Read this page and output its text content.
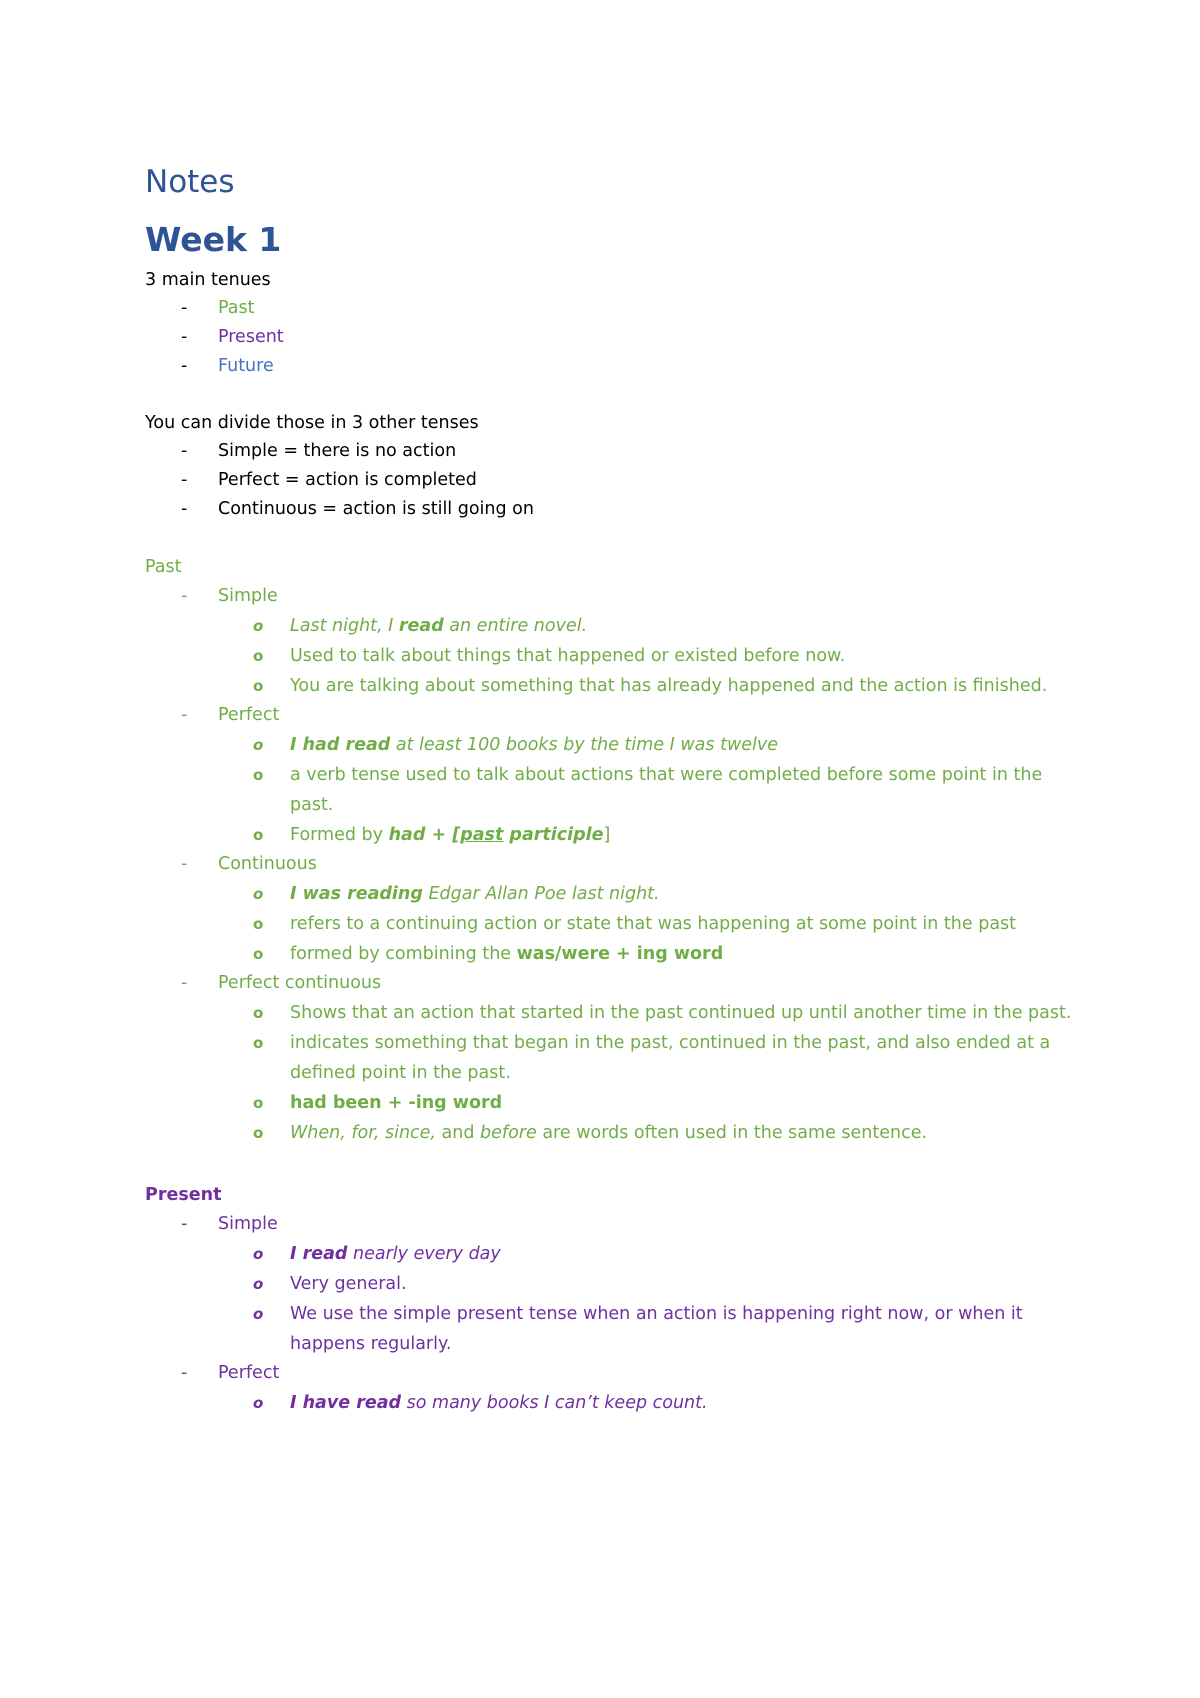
Notes
Week 1
3 main tenues
- Past
- Present
- Future
You can divide those in 3 other tenses
- Simple = there is no action
- Perfect = action is completed
- Continuous = action is still going on
Past
- Simple
o Last night, I read an entire novel.
o Used to talk about things that happened or existed before now.
o You are talking about something that has already happened and the action is finished.
- Perfect
o I had read at least 100 books by the time I was twelve
o a verb tense used to talk about actions that were completed before some point in the past.
o Formed by had + [past participle]
- Continuous
o I was reading Edgar Allan Poe last night.
o refers to a continuing action or state that was happening at some point in the past
o formed by combining the was/were + ing word
- Perfect continuous
o Shows that an action that started in the past continued up until another time in the past.
o indicates something that began in the past, continued in the past, and also ended at a defined point in the past.
o had been + -ing word
o When, for, since, and before are words often used in the same sentence.
Present
- Simple
o I read nearly every day
o Very general.
o We use the simple present tense when an action is happening right now, or when it happens regularly.
- Perfect
o I have read so many books I can’t keep count.
